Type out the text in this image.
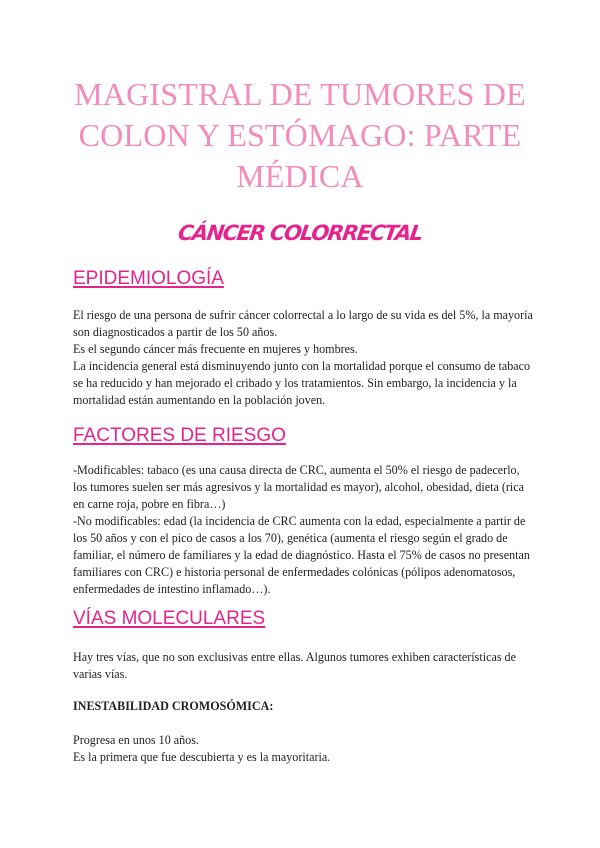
MAGISTRAL DE TUMORES DE COLON Y ESTÓMAGO: PARTE MÉDICA
CÁNCER COLORRECTAL
EPIDEMIOLOGÍA

El riesgo de una persona de sufrir cáncer colorrectal a lo largo de su vida es del 5%, la mayoría son diagnosticados a partir de los 50 años.

Es el segundo cáncer más frecuente en mujeres y hombres.

La incidencia general está disminuyendo junto con la mortalidad porque el consumo de tabaco se ha reducido y han mejorado el cribado y los tratamientos. Sin embargo, la incidencia y la mortalidad están aumentando en la población joven.

FACTORES DE RIESGO

-Modificables: tabaco (es una causa directa de CRC, aumenta el 50% el riesgo de padecerlo, los tumores suelen ser más agresivos y la mortalidad es mayor), alcohol, obesidad, dieta (rica en carne roja, pobre en fibra…)

-No modificables: edad (la incidencia de CRC aumenta con la edad, especialmente a partir de los 50 años y con el pico de casos a los 70), genética (aumenta el riesgo según el grado de familiar, el número de familiares y la edad de diagnóstico. Hasta el 75% de casos no presentan familiares con CRC) e historia personal de enfermedades colónicas (pólipos adenomatosos, enfermedades de intestino inflamado…).

VÍAS MOLECULARES

Hay tres vías, que no son exclusivas entre ellas. Algunos tumores exhiben características de varias vías.

INESTABILIDAD CROMOSÓMICA:

Progresa en unos 10 años.

Es la primera que fue descubierta y es la mayoritaria.
